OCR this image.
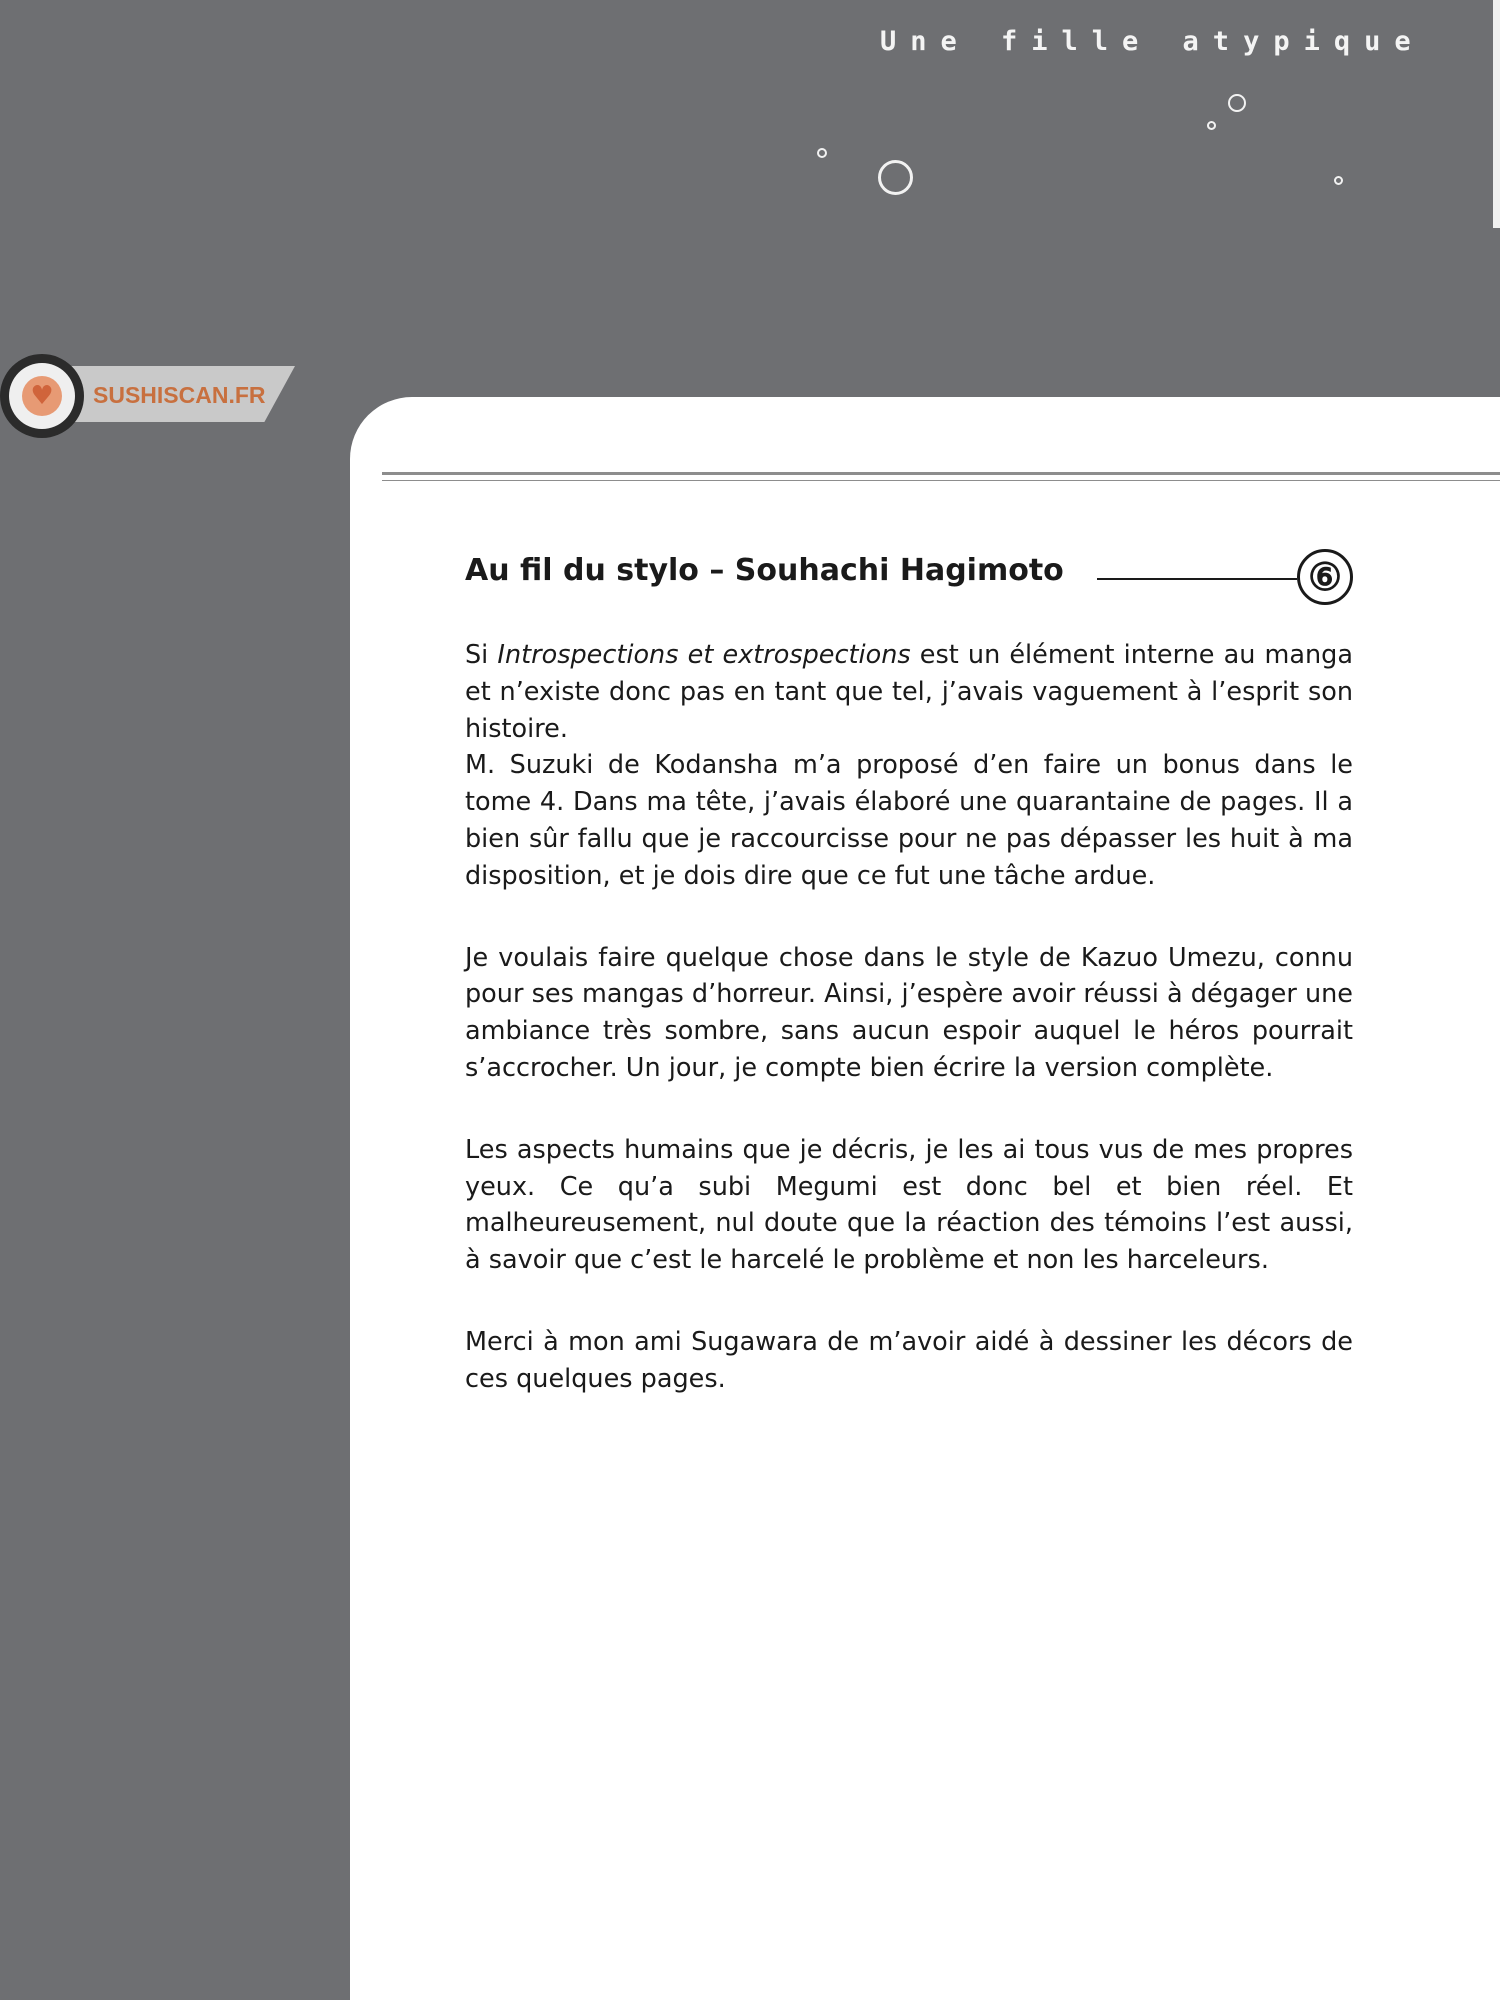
Une fille atypique
SUSHISCAN.FR
♥
Au fil du stylo – Souhachi Hagimoto	⑥

Si Introspections et extrospections est un élément interne au manga et n’existe donc pas en tant que tel, j’avais vaguement à l’esprit son histoire.

M. Suzuki de Kodansha m’a proposé d’en faire un bonus dans le tome 4. Dans ma tête, j’avais élaboré une quarantaine de pages. Il a bien sûr fallu que je raccourcisse pour ne pas dépasser les huit à ma disposition, et je dois dire que ce fut une tâche ardue.

Je voulais faire quelque chose dans le style de Kazuo Umezu, connu pour ses mangas d’horreur. Ainsi, j’espère avoir réussi à dégager une ambiance très sombre, sans aucun espoir auquel le héros pourrait s’accrocher. Un jour, je compte bien écrire la version complète.

Les aspects humains que je décris, je les ai tous vus de mes propres yeux. Ce qu’a subi Megumi est donc bel et bien réel. Et malheureusement, nul doute que la réaction des témoins l’est aussi, à savoir que c’est le harcelé le problème et non les harceleurs.

Merci à mon ami Sugawara de m’avoir aidé à dessiner les décors de ces quelques pages.
